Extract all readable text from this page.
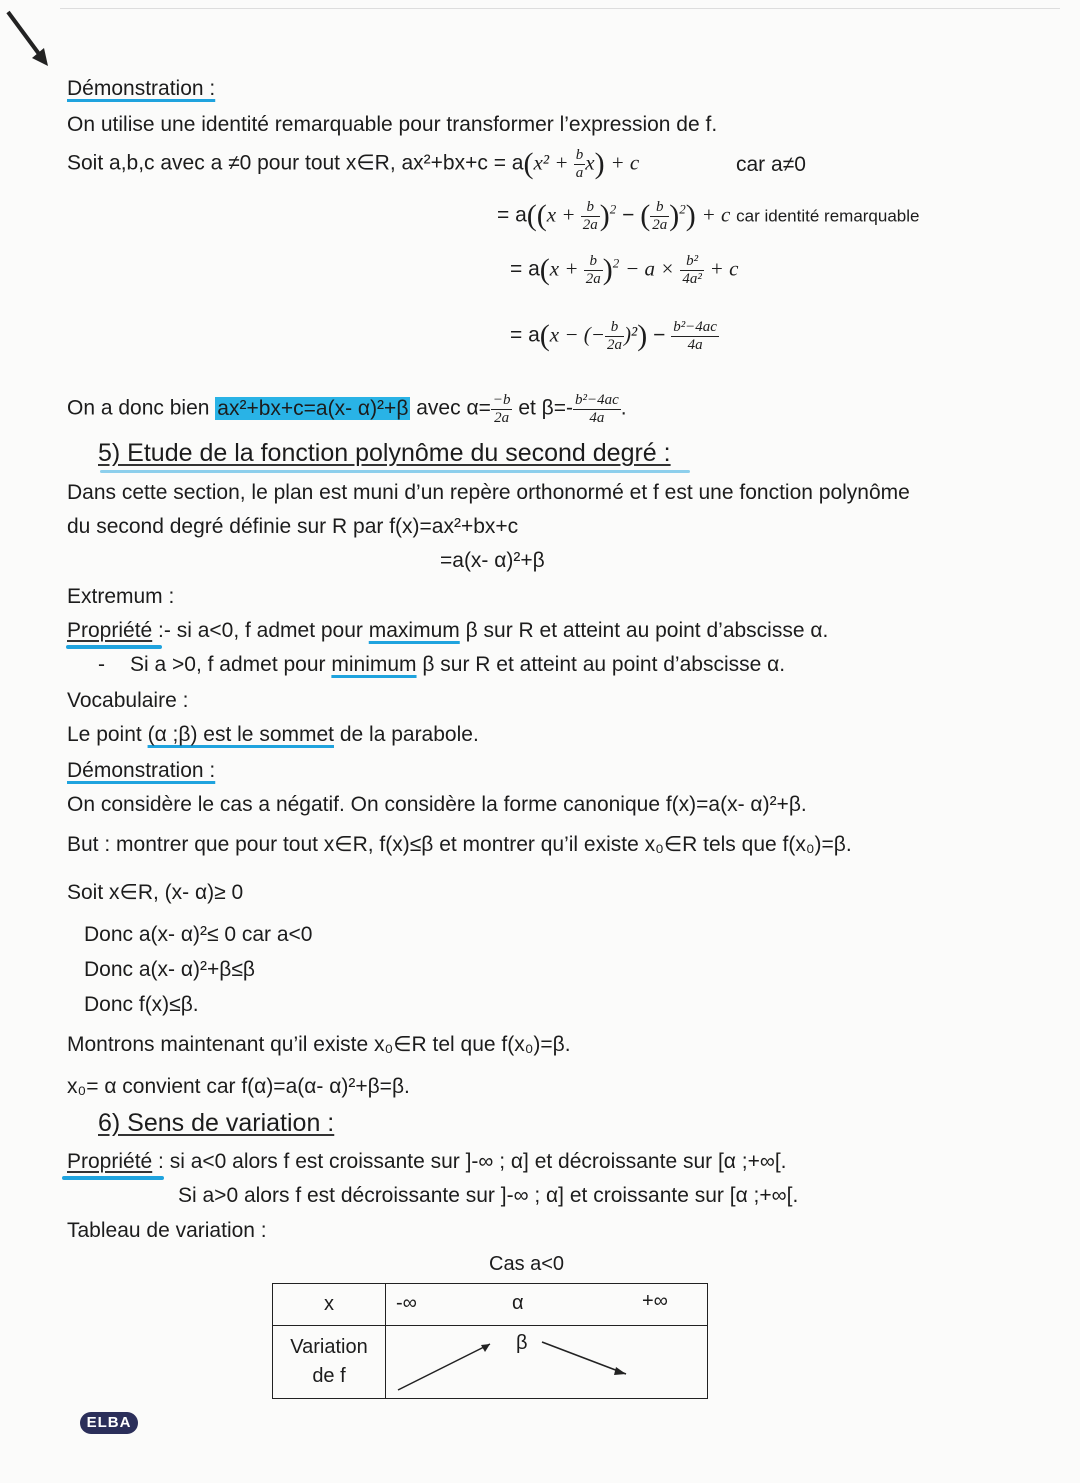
Démonstration :
On utilise une identité remarquable pour transformer l’expression de f.
Soit a,b,c avec a ≠0 pour tout x∈R, $ax^2+bx+c = a(x^2 + \frac{b}{a} x) + c$	car a≠0
= $a((x + \frac{b}{2a} )^2$ − ( $\frac{b}{2a} )^2) + c$ car identité remarquable
= $a(x + \frac{b}{2a} )^2 - a \times \frac{\text{b²}}{\text{4a²}} + c$
= a(x − (− $\frac{b}{2a} )^2) - \frac{\text{b²−4ac}}{4a}$
On a donc bien ax²+bx+c=a(x- α)²+β avec $\alpha= \frac{-b}{2a}$ et $\beta=- \frac{\text{b²−4ac}}{4a}$ .
5) Etude de la fonction polynôme du second degré :
Dans cette section, le plan est muni d’un repère orthonormé et f est une fonction polynôme
du second degré définie sur R par f(x)=ax²+bx+c
=a(x- α)²+β
Extremum :
Propriété :- si a<0, f admet pour maximum β sur R et atteint au point d’abscisse α.
- Si a >0, f admet pour minimum β sur R et atteint au point d’abscisse α.
Vocabulaire :
Le point (α ;β) est le sommet de la parabole.
Démonstration :
On considère le cas a négatif. On considère la forme canonique f(x)=a(x- α)²+β.
But : montrer que pour tout x∈R, f(x)≤β et montrer qu’il existe x₀∈R tels que f(x₀)=β.
Soit x∈R, (x- α)≥ 0
Donc a(x- α)²≤ 0 car a<0
Donc a(x- α)²+β≤β
Donc f(x)≤β.
Montrons maintenant qu’il existe x₀∈R tel que f(x₀)=β.
x₀= α convient car f(α)=a(α- α)²+β=β.
6) Sens de variation :
Propriété : si a<0 alors f est croissante sur ]-∞ ; α] et décroissante sur [α ;+∞[.
Si a>0 alors f est décroissante sur ]-∞ ; α] et croissante sur [α ;+∞[.
Tableau de variation :
Cas a<0
x	-∞ α +∞

Variation
de f	β
ELBA
